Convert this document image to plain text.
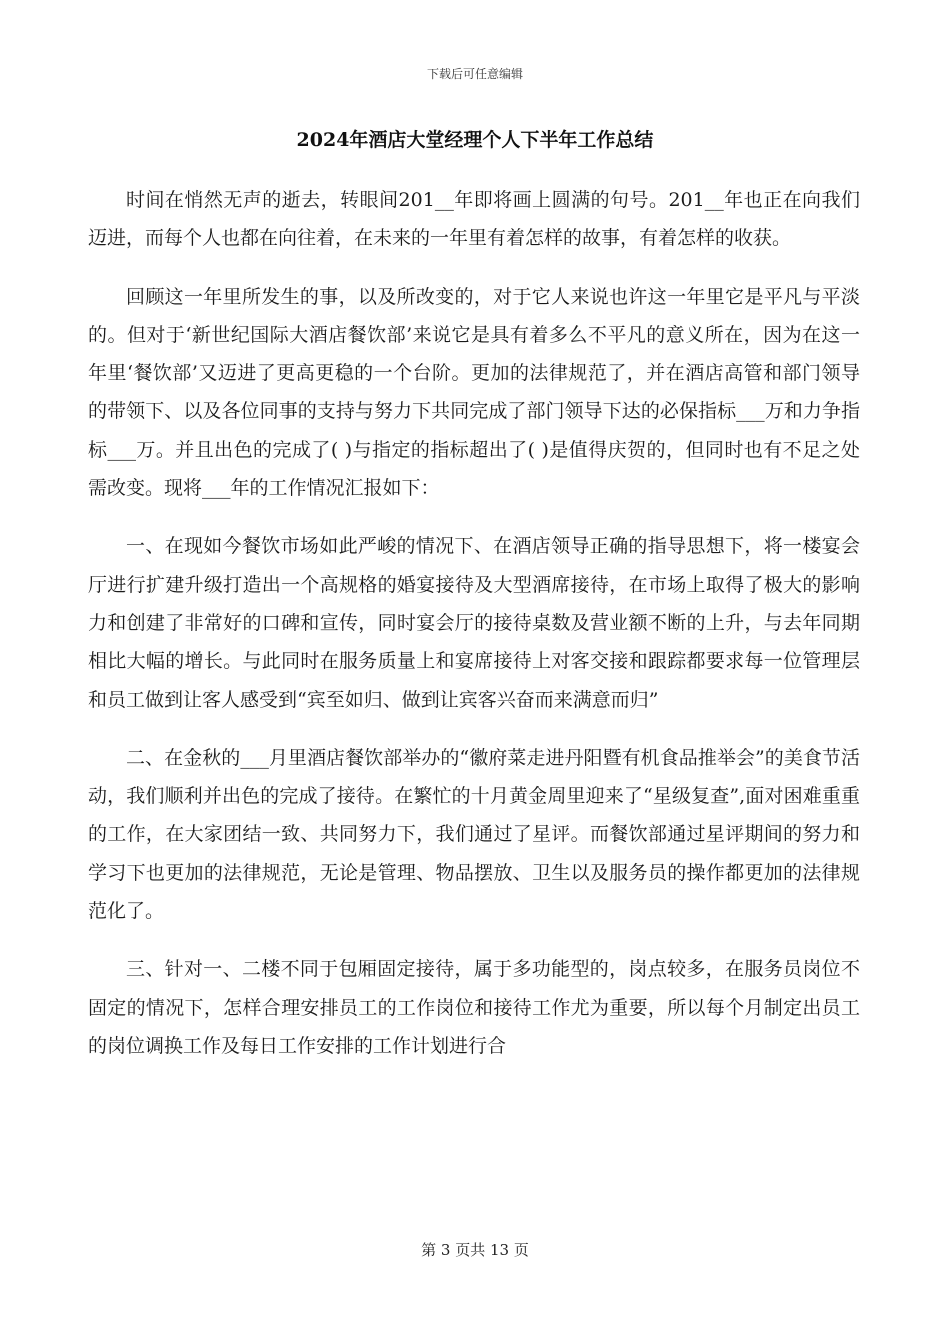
下载后可任意编辑
2024年酒店大堂经理个人下半年工作总结

时间在悄然无声的逝去，转眼间201__年即将画上圆满的句号。201__年也正在向我们迈进，而每个人也都在向往着，在未来的一年里有着怎样的故事，有着怎样的收获。

回顾这一年里所发生的事，以及所改变的，对于它人来说也许这一年里它是平凡与平淡的。但对于‘新世纪国际大酒店餐饮部’来说它是具有着多么不平凡的意义所在，因为在这一年里‘餐饮部’又迈进了更高更稳的一个台阶。更加的法律规范了，并在酒店高管和部门领导的带领下、以及各位同事的支持与努力下共同完成了部门领导下达的必保指标___万和力争指标___万。并且出色的完成了( )与指定的指标超出了( )是值得庆贺的，但同时也有不足之处需改变。现将___年的工作情况汇报如下：

一、在现如今餐饮市场如此严峻的情况下、在酒店领导正确的指导思想下，将一楼宴会厅进行扩建升级打造出一个高规格的婚宴接待及大型酒席接待，在市场上取得了极大的影响力和创建了非常好的口碑和宣传，同时宴会厅的接待桌数及营业额不断的上升，与去年同期相比大幅的增长。与此同时在服务质量上和宴席接待上对客交接和跟踪都要求每一位管理层和员工做到让客人感受到“宾至如归、做到让宾客兴奋而来满意而归”

二、在金秋的___月里酒店餐饮部举办的“徽府菜走进丹阳暨有机食品推举会”的美食节活动，我们顺利并出色的完成了接待。在繁忙的十月黄金周里迎来了“星级复查”,面对困难重重的工作，在大家团结一致、共同努力下，我们通过了星评。而餐饮部通过星评期间的努力和学习下也更加的法律规范，无论是管理、物品摆放、卫生以及服务员的操作都更加的法律规范化了。

三、针对一、二楼不同于包厢固定接待，属于多功能型的，岗点较多，在服务员岗位不固定的情况下，怎样合理安排员工的工作岗位和接待工作尤为重要，所以每个月制定出员工的岗位调换工作及每日工作安排的工作计划进行合

第 3 页共 13 页
